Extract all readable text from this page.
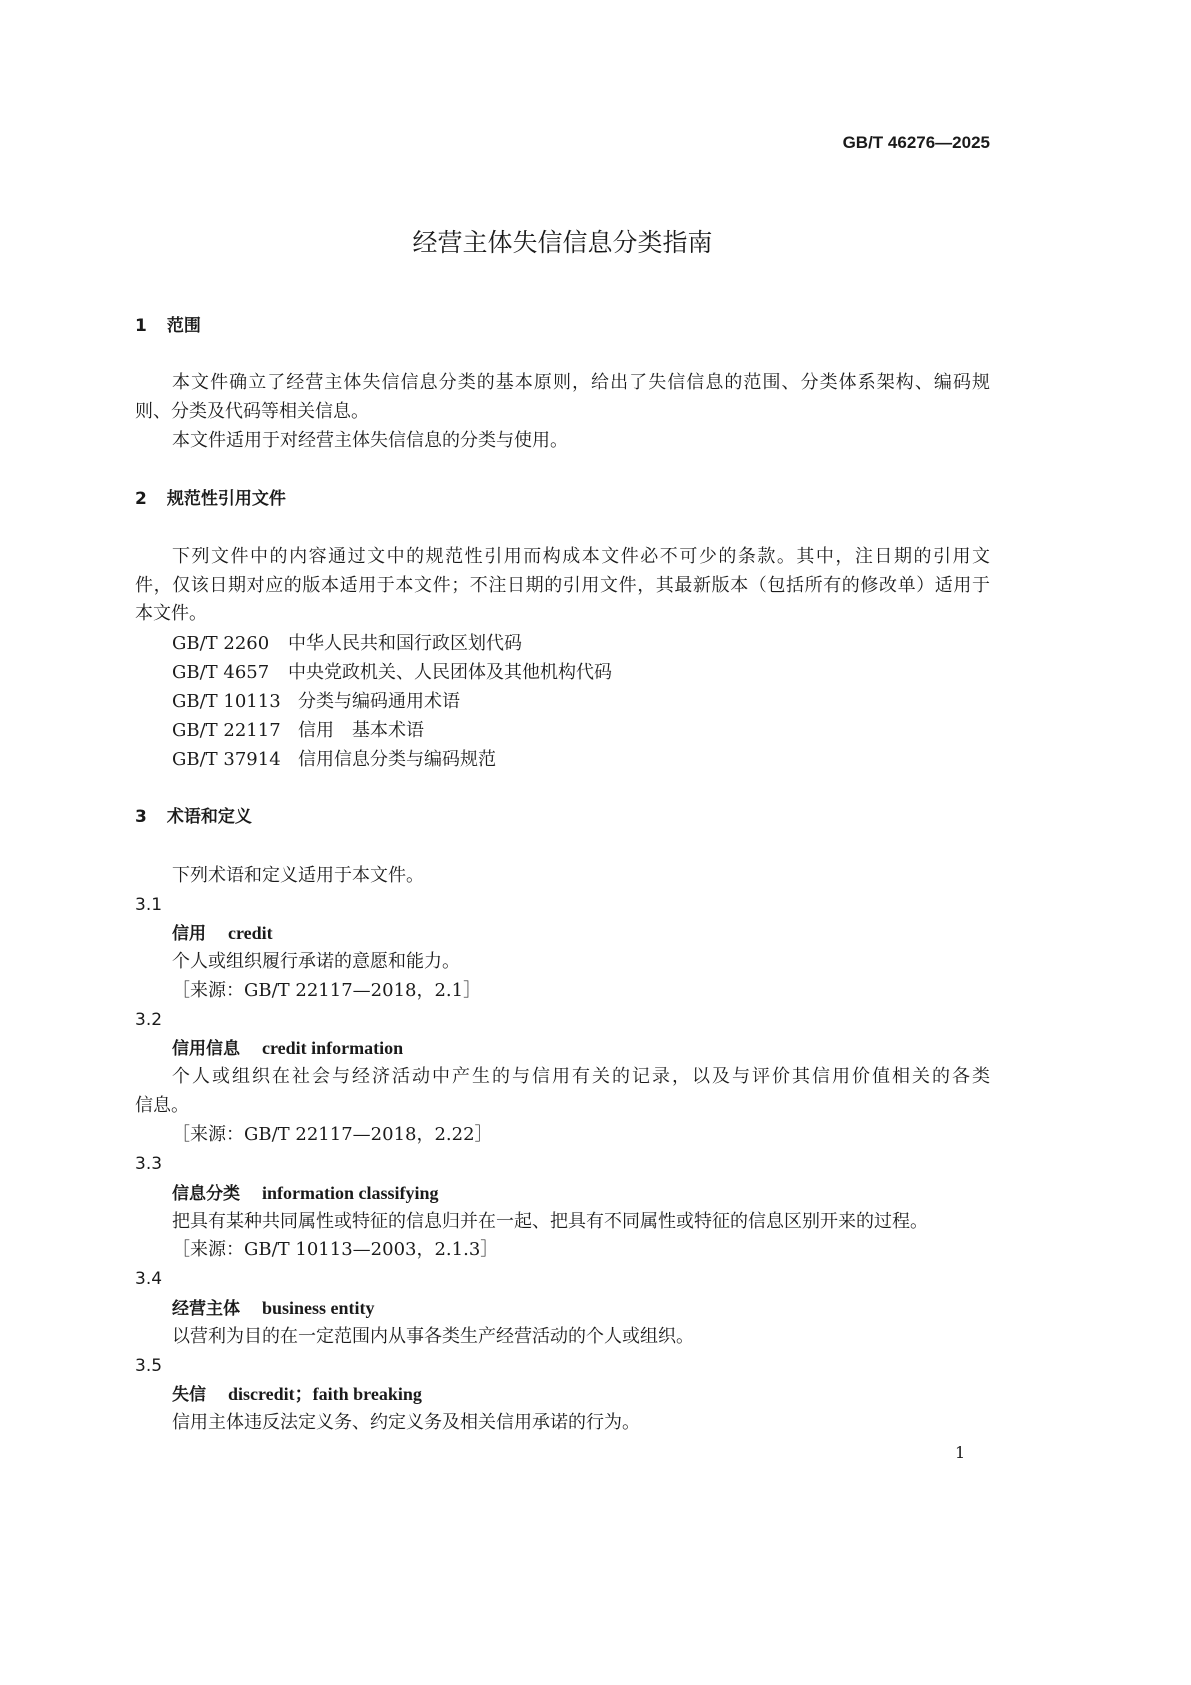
GB/T 46276—2025
经营主体失信信息分类指南
1 范围
本文件确立了经营主体失信信息分类的基本原则，给出了失信信息的范围、分类体系架构、编码规
则、分类及代码等相关信息。
本文件适用于对经营主体失信信息的分类与使用。
2 规范性引用文件
下列文件中的内容通过文中的规范性引用而构成本文件必不可少的条款。其中，注日期的引用文
件，仅该日期对应的版本适用于本文件；不注日期的引用文件，其最新版本（包括所有的修改单）适用于
本文件。
GB/T 2260 中华人民共和国行政区划代码
GB/T 4657 中央党政机关、人民团体及其他机构代码
GB/T 10113 分类与编码通用术语
GB/T 22117 信用　基本术语
GB/T 37914 信用信息分类与编码规范
3 术语和定义
下列术语和定义适用于本文件。
3.1
信用 credit
个人或组织履行承诺的意愿和能力。
［来源：GB/T 22117—2018，2.1］
3.2
信用信息 credit information
个人或组织在社会与经济活动中产生的与信用有关的记录，以及与评价其信用价值相关的各类
信息。
［来源：GB/T 22117—2018，2.22］
3.3
信息分类 information classifying
把具有某种共同属性或特征的信息归并在一起、把具有不同属性或特征的信息区别开来的过程。
［来源：GB/T 10113—2003，2.1.3］
3.4
经营主体 business entity
以营利为目的在一定范围内从事各类生产经营活动的个人或组织。
3.5
失信 discredit；faith breaking
信用主体违反法定义务、约定义务及相关信用承诺的行为。
1
